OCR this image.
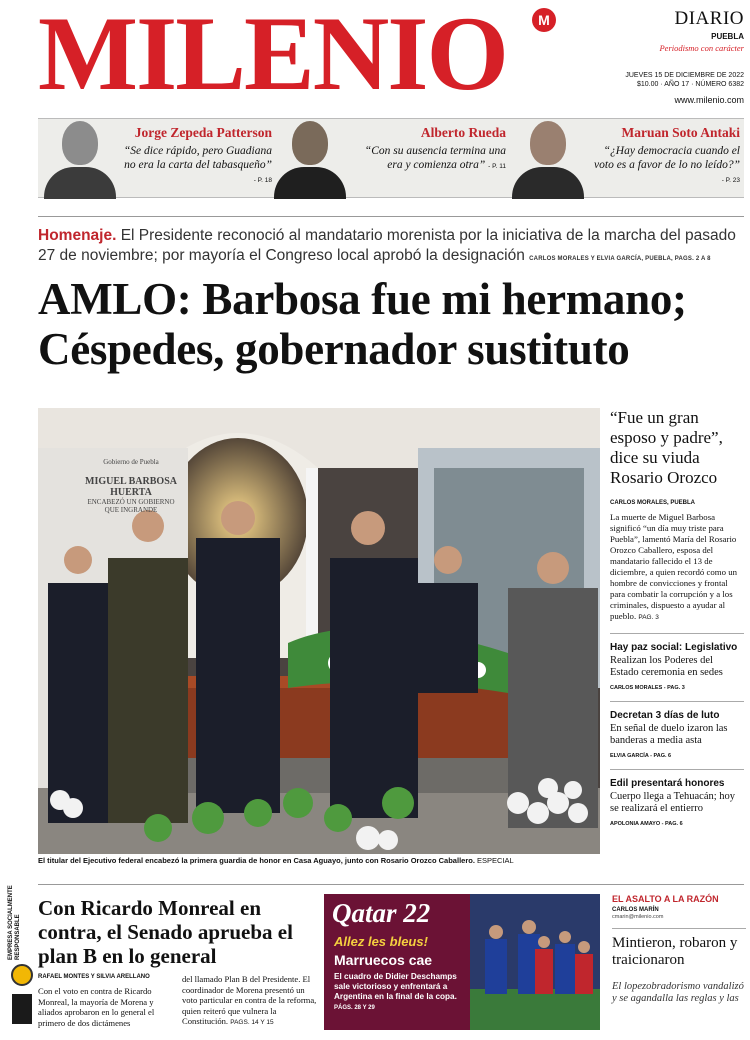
MILENIO	M	DIARIO
PUEBLA
Periodismo con carácter
JUEVES 15 DE DICIEMBRE DE 2022
$10.00 · AÑO 17 · NÚMERO 6382
www.milenio.com
Jorge Zepeda Patterson
“Se dice rápido, pero Guadiana no era la carta del tabasqueño” - P. 18
Alberto Rueda
“Con su ausencia termina una era y comienza otra” - P. 11
Maruan Soto Antaki
“¿Hay democracia cuando el voto es a favor de lo no leído?” - P. 23
Homenaje. El Presidente reconoció al mandatario morenista por la iniciativa de la marcha del pasado 27 de noviembre; por mayoría el Congreso local aprobó la designación CARLOS MORALES Y ELVIA GARCÍA, PUEBLA, PAGS. 2 A 8
AMLO: Barbosa fue mi hermano;
Céspedes, gobernador sustituto
Gobierno de Puebla
MIGUEL BARBOSA HUERTA
ENCABEZÓ UN GOBIERNO
QUE INGRANDE
El titular del Ejecutivo federal encabezó la primera guardia de honor en Casa Aguayo, junto con Rosario Orozco Caballero. ESPECIAL
“Fue un gran esposo y padre”, dice su viuda Rosario Orozco
CARLOS MORALES, PUEBLA
La muerte de Miguel Barbosa significó “un día muy triste para Puebla”, lamentó María del Rosario Orozco Caballero, esposa del mandatario fallecido el 13 de diciembre, a quien recordó como un hombre de convicciones y frontal para combatir la corrupción y a los criminales, dispuesto a ayudar al pueblo. PAG. 3
Hay paz social: Legislativo
Realizan los Poderes del Estado ceremonia en sedes
CARLOS MORALES - PAG. 3
Decretan 3 días de luto
En señal de duelo izaron las banderas a media asta
ELVIA GARCÍA - PAG. 6
Edil presentará honores
Cuerpo llega a Tehuacán; hoy se realizará el entierro
APOLONIA AMAYO - PAG. 6
EMPRESA SOCIALMENTE RESPONSABLE
Con Ricardo Monreal en contra, el Senado aprueba el plan B en lo general
RAFAEL MONTES Y SILVIA ARELLANO
Con el voto en contra de Ricardo Monreal, la mayoría de Morena y aliados aprobaron en lo general el primero de dos dictámenes
del llamado Plan B del Presidente. El coordinador de Morena presentó un voto particular en contra de la reforma, quien reiteró que vulnera la Constitución. PAGS. 14 Y 15
Qatar 22
Allez les bleus!
Marruecos cae
El cuadro de Didier Deschamps sale victorioso y enfrentará a Argentina en la final de la copa. PÁGS. 28 Y 29
EL ASALTO A LA RAZÓN
CARLOS MARÍN
cmarin@milenio.com
Mintieron, robaron y traicionaron
El lopezobradorismo vandalizó y se agandalla las reglas y las
